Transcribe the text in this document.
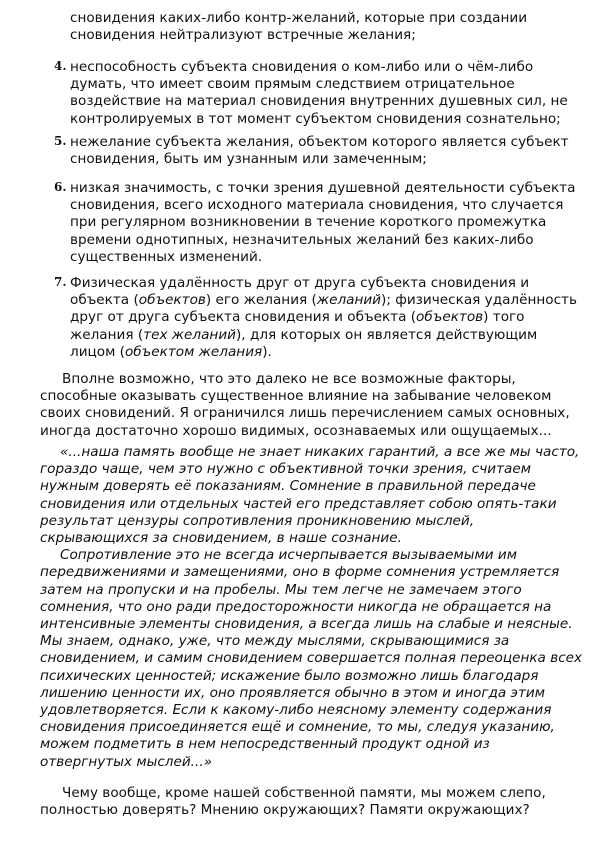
сновидения каких-либо контр-желаний, которые при создании сновидения нейтрализуют встречные желания;

4. неспособность субъекта сновидения о ком-либо или о чём-либо думать, что имеет своим прямым следствием отрицательное воздействие на материал сновидения внутренних душевных сил, не контролируемых в тот момент субъектом сновидения сознательно;

5. нежелание субъекта желания, объектом которого является субъект сновидения, быть им узнанным или замеченным;

6. низкая значимость, с точки зрения душевной деятельности субъекта сновидения, всего исходного материала сновидения, что случается при регулярном возникновении в течение короткого промежутка времени однотипных, незначительных желаний без каких-либо существенных изменений.

7. Физическая удалённость друг от друга субъекта сновидения и объекта (объектов) его желания (желаний); физическая удалённость друг от друга субъекта сновидения и объекта (объектов) того желания (тех желаний), для которых он является действующим лицом (объектом желания).

Вполне возможно, что это далеко не все возможные факторы, способные оказывать существенное влияние на забывание человеком своих сновидений. Я ограничился лишь перечислением самых основных, иногда достаточно хорошо видимых, осознаваемых или ощущаемых...

«...наша память вообще не знает никаких гарантий, а все же мы часто, гораздо чаще, чем это нужно с объективной точки зрения, считаем нужным доверять её показаниям. Сомнение в правильной передаче сновидения или отдельных частей его представляет собою опять-таки результат цензуры сопротивления проникновению мыслей, скрывающихся за сновидением, в наше сознание.

Сопротивление это не всегда исчерпывается вызываемыми им передвижениями и замещениями, оно в форме сомнения устремляется затем на пропуски и на пробелы. Мы тем легче не замечаем этого сомнения, что оно ради предосторожности никогда не обращается на интенсивные элементы сновидения, а всегда лишь на слабые и неясные. Мы знаем, однако, уже, что между мыслями, скрывающимися за сновидением, и самим сновидением совершается полная переоценка всех психических ценностей; искажение было возможно лишь благодаря лишению ценности их, оно проявляется обычно в этом и иногда этим удовлетворяется. Если к какому-либо неясному элементу содержания сновидения присоединяется ещё и сомнение, то мы, следуя указанию, можем подметить в нем непосредственный продукт одной из отвергнутых мыслей...»

Чему вообще, кроме нашей собственной памяти, мы можем слепо, полностью доверять? Мнению окружающих? Памяти окружающих?
